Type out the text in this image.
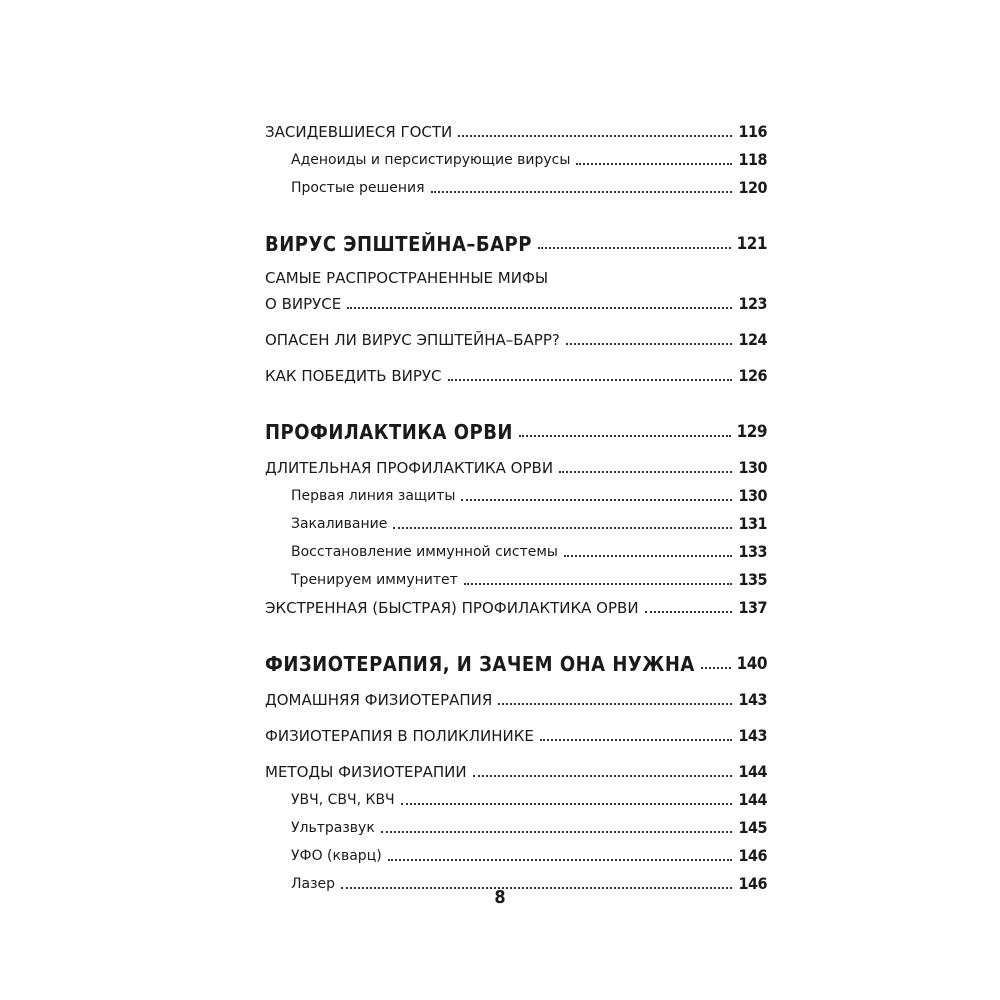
ЗАСИДЕВШИЕСЯ ГОСТИ	116
Аденоиды и персистирующие вирусы	118
Простые решения	120
ВИРУС ЭПШТЕЙНА–БАРР	121
САМЫЕ РАСПРОСТРАНЕННЫЕ МИФЫ
О ВИРУСЕ	123
ОПАСЕН ЛИ ВИРУС ЭПШТЕЙНА–БАРР?	124
КАК ПОБЕДИТЬ ВИРУС	126
ПРОФИЛАКТИКА ОРВИ	129
ДЛИТЕЛЬНАЯ ПРОФИЛАКТИКА ОРВИ	130
Первая линия защиты	130
Закаливание	131
Восстановление иммунной системы	133
Тренируем иммунитет	135
ЭКСТРЕННАЯ (БЫСТРАЯ) ПРОФИЛАКТИКА ОРВИ	137
ФИЗИОТЕРАПИЯ, И ЗАЧЕМ ОНА НУЖНА 140
ДОМАШНЯЯ ФИЗИОТЕРАПИЯ	143
ФИЗИОТЕРАПИЯ В ПОЛИКЛИНИКЕ	143
МЕТОДЫ ФИЗИОТЕРАПИИ	144
УВЧ, СВЧ, КВЧ	144
Ультразвук	145
УФО (кварц)	146
Лазер	146
8
